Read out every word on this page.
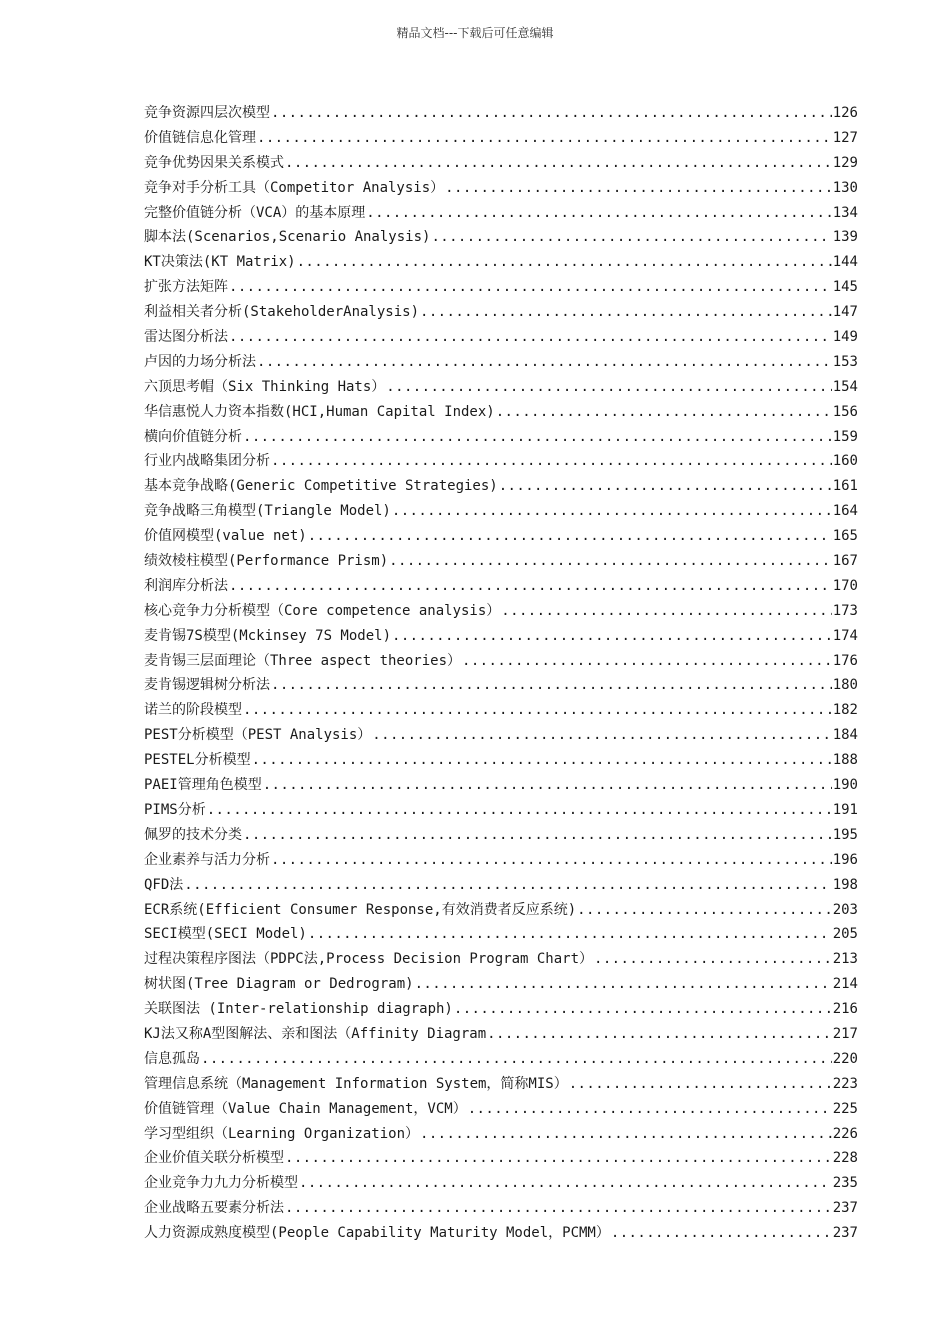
精品文档---下载后可任意编辑
竞争资源四层次模型 .....	126
价值链信息化管理 .....	127
竞争优势因果关系模式 .....	129
竞争对手分析工具（Competitor Analysis） .....	130
完整价值链分析（VCA）的基本原理 .....	134
脚本法(Scenarios,Scenario Analysis) .....	139
KT决策法(KT Matrix) .....	144
扩张方法矩阵 .....	145
利益相关者分析(StakeholderAnalysis) .....	147
雷达图分析法 .....	149
卢因的力场分析法 .....	153
六顶思考帽（Six Thinking Hats） .....	154
华信惠悦人力资本指数(HCI,Human Capital Index) .....	156
横向价值链分析 .....	159
行业内战略集团分析 .....	160
基本竞争战略(Generic Competitive Strategies) .....	161
竞争战略三角模型(Triangle Model) .....	164
价值网模型(value net) .....	165
绩效棱柱模型(Performance Prism) .....	167
利润库分析法 .....	170
核心竞争力分析模型（Core competence analysis） .....	173
麦肯锡7S模型(Mckinsey 7S Model) .....	174
麦肯锡三层面理论（Three aspect theories） .....	176
麦肯锡逻辑树分析法 .....	180
诺兰的阶段模型 .....	182
PEST分析模型（PEST Analysis） .....	184
PESTEL分析模型 .....	188
PAEI管理角色模型 .....	190
PIMS分析 .....	191
佩罗的技术分类 .....	195
企业素养与活力分析 .....	196
QFD法 .....	198
ECR系统(Efficient Consumer Response,有效消费者反应系统) .....	203
SECI模型(SECI Model) .....	205
过程决策程序图法（PDPC法,Process Decision Program Chart） .....	213
树状图(Tree Diagram or Dedrogram) .....	214
关联图法 (Inter-relationship diagraph) .....	216
KJ法又称A型图解法、亲和图法（Affinity Diagram .....	217
信息孤岛 .....	220
管理信息系统（Management Information System，简称MIS） .....	223
价值链管理（Value Chain Management，VCM） .....	225
学习型组织（Learning Organization） .....	226
企业价值关联分析模型 .....	228
企业竞争力九力分析模型 .....	235
企业战略五要素分析法 .....	237
人力资源成熟度模型(People Capability Maturity Model，PCMM） .....	237
